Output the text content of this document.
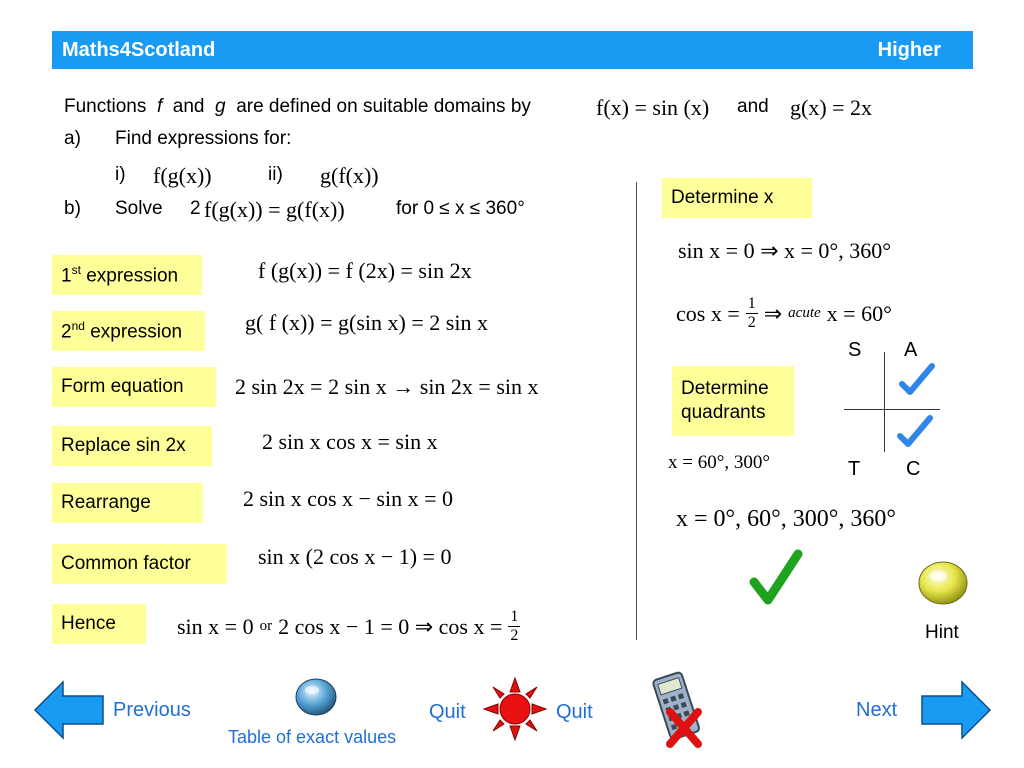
Maths4Scotland	Higher
Functions f and g are defined on suitable domains by	f(x) = sin (x) and g(x) = 2x
a) Find expressions for:
i) f(g(x))	ii) g(f(x))
b) Solve 2 f(g(x)) = g(f(x))	for 0 ≤ x ≤ 360°
1st expression	f (g(x)) = f (2x) = sin 2x
2nd expression	g( f (x)) = g(sin x) = 2 sin x
Form equation	2 sin 2x = 2 sin x → sin 2x = sin x
Replace sin 2x	2 sin x cos x = sin x
Rearrange	2 sin x cos x − sin x = 0
Common factor	sin x (2 cos x − 1) = 0
Hence	sin x = 0 or 2 cos x − 1 = 0 ⇒ $\cos x = \frac{1}{2}$
Determine x
sin x = 0 ⇒ x = 0°, 360°
$\cos x = \frac{1}{2}$ ⇒ acute x = 60°
Determine
quadrants
S A
T C
x = 60°, 300°
x = 0°, 60°, 300°, 360°
Hint
Previous
Table of exact values
Quit	Quit	Next
